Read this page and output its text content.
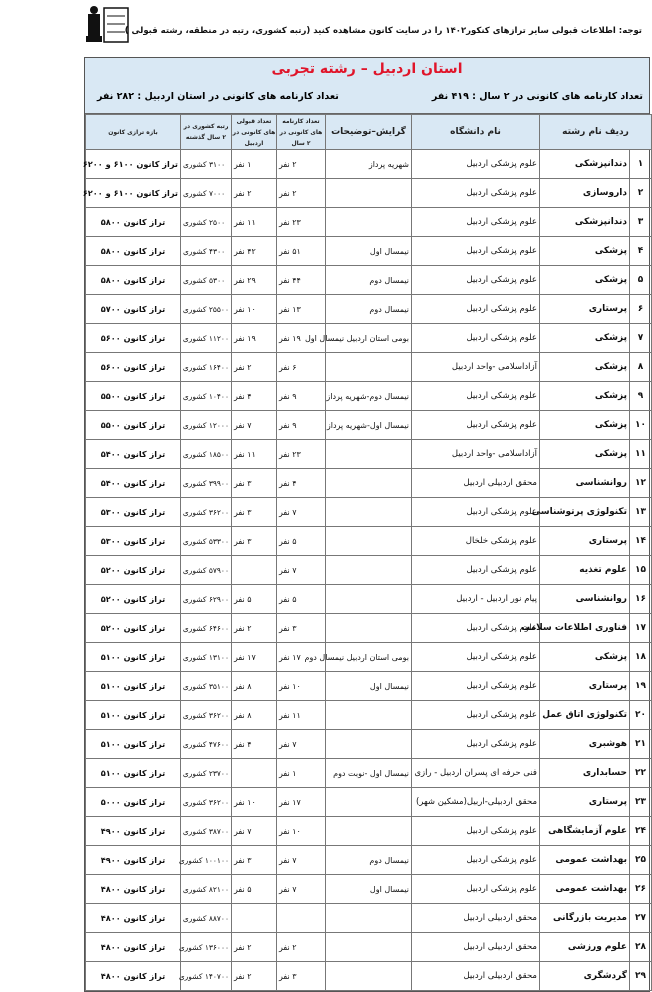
توجه: اطلاعات قبولی سایر ترازهای کنکور۱۴۰۲ را در سایت کانون مشاهده کنید (رتبه کشوری، رتبه در منطقه، رشته قبولی )
استان اردبیل – رشته تجربی
تعداد کارنامه های کانونی در ۲ سال : ۴۱۹ نفر
تعداد کارنامه های کانونی در استان اردبیل : ۲۸۲ نفر
ردیف نام رشته		نام دانشگاه	گرایش–توضیحات	تعداد کارنامه های کانونی در ۲ سال	تعداد قبولی های کانونی در اردبیل	رتبه کشوری در ۲ سال گذشته	بازه ترازی کانون
۱	دندانپزشکی	علوم پزشکی اردبیل	شهریه پرداز	۲ نفر	۱ نفر	۳۱۰۰ کشوری	تراز کانون ۶۱۰۰ و ۶۲۰۰
۲	داروسازی	علوم پزشکی اردبیل		۲ نفر	۲ نفر	۷۰۰۰ کشوری	تراز کانون ۶۱۰۰ و ۶۲۰۰
۳	دندانپزشکی	علوم پزشکی اردبیل		۲۳ نفر	۱۱ نفر	۲۵۰۰ کشوری	تراز کانون ۵۸۰۰
۴	پزشکی	علوم پزشکی اردبیل	نیمسال اول	۵۱ نفر	۴۲ نفر	۴۳۰۰ کشوری	تراز کانون ۵۸۰۰
۵	پزشکی	علوم پزشکی اردبیل	نیمسال دوم	۴۴ نفر	۲۹ نفر	۵۳۰۰ کشوری	تراز کانون ۵۸۰۰
۶	پرستاری	علوم پزشکی اردبیل	نیمسال دوم	۱۳ نفر	۱۰ نفر	۲۵۵۰۰ کشوری	تراز کانون ۵۷۰۰
۷	پزشکی	علوم پزشکی اردبیل	بومی استان اردبیل نیمسال اول	۱۹ نفر	۱۹ نفر	۱۱۲۰۰ کشوری	تراز کانون ۵۶۰۰
۸	پزشکی	آزاداسلامی -واحد اردبیل		۶ نفر	۲ نفر	۱۶۴۰۰ کشوری	تراز کانون ۵۶۰۰
۹	پزشکی	علوم پزشکی اردبیل	نیمسال دوم-شهریه پرداز	۹ نفر	۴ نفر	۱۰۴۰۰ کشوری	تراز کانون ۵۵۰۰
۱۰	پزشکی	علوم پزشکی اردبیل	نیمسال اول-شهریه پرداز	۹ نفر	۷ نفر	۱۲۰۰۰ کشوری	تراز کانون ۵۵۰۰
۱۱	پزشکی	آزاداسلامی -واحد اردبیل		۲۳ نفر	۱۱ نفر	۱۸۵۰۰ کشوری	تراز کانون ۵۴۰۰
۱۲	روانشناسی	محقق اردبیلی اردبیل		۴ نفر	۳ نفر	۳۹۹۰۰ کشوری	تراز کانون ۵۴۰۰
۱۳	تکنولوژی پرتوشناسی	علوم پزشکی اردبیل		۷ نفر	۳ نفر	۳۶۲۰۰ کشوری	تراز کانون ۵۳۰۰
۱۴	پرستاری	علوم پزشکی خلخال		۵ نفر	۳ نفر	۵۳۳۰۰ کشوری	تراز کانون ۵۳۰۰
۱۵	علوم تغذیه	علوم پزشکی اردبیل		۷ نفر		۵۷۹۰۰ کشوری	تراز کانون ۵۲۰۰
۱۶	روانشناسی	پیام نور اردبیل - اردبیل		۵ نفر	۵ نفر	۶۲۹۰۰ کشوری	تراز کانون ۵۲۰۰
۱۷	فناوری اطلاعات سلامت	علوم پزشکی اردبیل		۳ نفر	۲ نفر	۶۴۶۰۰ کشوری	تراز کانون ۵۲۰۰
۱۸	پزشکی	علوم پزشکی اردبیل	بومی استان اردبیل نیمسال دوم	۱۷ نفر	۱۷ نفر	۱۳۱۰۰ کشوری	تراز کانون ۵۱۰۰
۱۹	پرستاری	علوم پزشکی اردبیل	نیمسال اول	۱۰ نفر	۸ نفر	۳۵۱۰۰ کشوری	تراز کانون ۵۱۰۰
۲۰	تکنولوژی اتاق عمل	علوم پزشکی اردبیل		۱۱ نفر	۸ نفر	۳۶۲۰۰ کشوری	تراز کانون ۵۱۰۰
۲۱	هوشبری	علوم پزشکی اردبیل		۷ نفر	۴ نفر	۴۷۶۰۰ کشوری	تراز کانون ۵۱۰۰
۲۲	حسابداری	فنی حرفه ای پسران اردبیل - رازی	نیمسال اول -نوبت دوم	۱ نفر		۲۳۷۰۰ کشوری	تراز کانون ۵۱۰۰
۲۳	پرستاری	محقق اردبیلی-اربیل(مشکین شهر)		۱۷ نفر	۱۰ نفر	۳۶۲۰۰ کشوری	تراز کانون ۵۰۰۰
۲۴	علوم آزمایشگاهی	علوم پزشکی اردبیل		۱۰ نفر	۷ نفر	۳۸۷۰۰ کشوری	تراز کانون ۴۹۰۰
۲۵	بهداشت عمومی	علوم پزشکی اردبیل	نیمسال دوم	۷ نفر	۳ نفر	۱۰۰۱۰۰ کشوری	تراز کانون ۴۹۰۰
۲۶	بهداشت عمومی	علوم پزشکی اردبیل	نیمسال اول	۷ نفر	۵ نفر	۸۲۱۰۰ کشوری	تراز کانون ۴۸۰۰
۲۷	مدیریت بازرگانی	محقق اردبیلی اردبیل				۸۸۷۰۰ کشوری	تراز کانون ۴۸۰۰
۲۸	علوم ورزشی	محقق اردبیلی اردبیل		۲ نفر	۲ نفر	۱۳۶۰۰۰ کشوری	تراز کانون ۴۸۰۰
۲۹	گردشگری	محقق اردبیلی اردبیل		۳ نفر	۲ نفر	۱۴۰۷۰۰ کشوری	تراز کانون ۴۸۰۰
